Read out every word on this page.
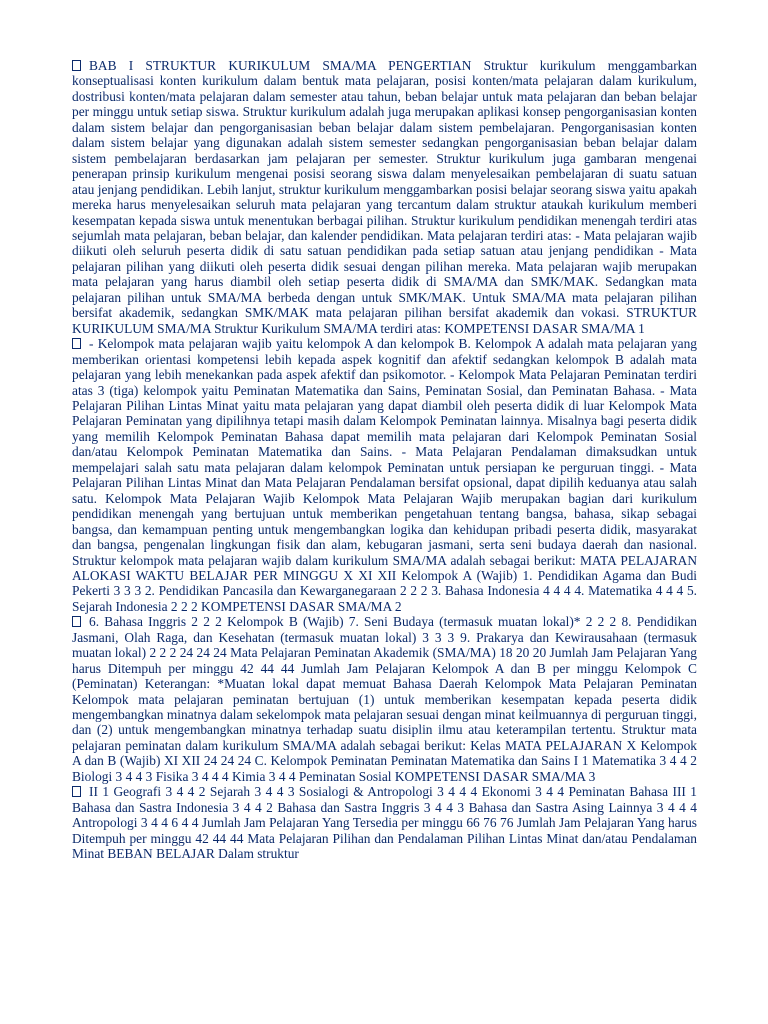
BAB I STRUKTUR KURIKULUM SMA/MA PENGERTIAN Struktur kurikulum menggambarkan konseptualisasi konten kurikulum dalam bentuk mata pelajaran, posisi konten/mata pelajaran dalam kurikulum, dostribusi konten/mata pelajaran dalam semester atau tahun, beban belajar untuk mata pelajaran dan beban belajar per minggu untuk setiap siswa. Struktur kurikulum adalah juga merupakan aplikasi konsep pengorganisasian konten dalam sistem belajar dan pengorganisasian beban belajar dalam sistem pembelajaran. Pengorganisasian konten dalam sistem belajar yang digunakan adalah sistem semester sedangkan pengorganisasian beban belajar dalam sistem pembelajaran berdasarkan jam pelajaran per semester. Struktur kurikulum juga gambaran mengenai penerapan prinsip kurikulum mengenai posisi seorang siswa dalam menyelesaikan pembelajaran di suatu satuan atau jenjang pendidikan. Lebih lanjut, struktur kurikulum menggambarkan posisi belajar seorang siswa yaitu apakah mereka harus menyelesaikan seluruh mata pelajaran yang tercantum dalam struktur ataukah kurikulum memberi kesempatan kepada siswa untuk menentukan berbagai pilihan. Struktur kurikulum pendidikan menengah terdiri atas sejumlah mata pelajaran, beban belajar, dan kalender pendidikan. Mata pelajaran terdiri atas: - Mata pelajaran wajib diikuti oleh seluruh peserta didik di satu satuan pendidikan pada setiap satuan atau jenjang pendidikan - Mata pelajaran pilihan yang diikuti oleh peserta didik sesuai dengan pilihan mereka. Mata pelajaran wajib merupakan mata pelajaran yang harus diambil oleh setiap peserta didik di SMA/MA dan SMK/MAK. Sedangkan mata pelajaran pilihan untuk SMA/MA berbeda dengan untuk SMK/MAK. Untuk SMA/MA mata pelajaran pilihan bersifat akademik, sedangkan SMK/MAK mata pelajaran pilihan bersifat akademik dan vokasi. STRUKTUR KURIKULUM SMA/MA Struktur Kurikulum SMA/MA terdiri atas: KOMPETENSI DASAR SMA/MA 1

- Kelompok mata pelajaran wajib yaitu kelompok A dan kelompok B. Kelompok A adalah mata pelajaran yang memberikan orientasi kompetensi lebih kepada aspek kognitif dan afektif sedangkan kelompok B adalah mata pelajaran yang lebih menekankan pada aspek afektif dan psikomotor. - Kelompok Mata Pelajaran Peminatan terdiri atas 3 (tiga) kelompok yaitu Peminatan Matematika dan Sains, Peminatan Sosial, dan Peminatan Bahasa. - Mata Pelajaran Pilihan Lintas Minat yaitu mata pelajaran yang dapat diambil oleh peserta didik di luar Kelompok Mata Pelajaran Peminatan yang dipilihnya tetapi masih dalam Kelompok Peminatan lainnya. Misalnya bagi peserta didik yang memilih Kelompok Peminatan Bahasa dapat memilih mata pelajaran dari Kelompok Peminatan Sosial dan/atau Kelompok Peminatan Matematika dan Sains. - Mata Pelajaran Pendalaman dimaksudkan untuk mempelajari salah satu mata pelajaran dalam kelompok Peminatan untuk persiapan ke perguruan tinggi. - Mata Pelajaran Pilihan Lintas Minat dan Mata Pelajaran Pendalaman bersifat opsional, dapat dipilih keduanya atau salah satu. Kelompok Mata Pelajaran Wajib Kelompok Mata Pelajaran Wajib merupakan bagian dari kurikulum pendidikan menengah yang bertujuan untuk memberikan pengetahuan tentang bangsa, bahasa, sikap sebagai bangsa, dan kemampuan penting untuk mengembangkan logika dan kehidupan pribadi peserta didik, masyarakat dan bangsa, pengenalan lingkungan fisik dan alam, kebugaran jasmani, serta seni budaya daerah dan nasional. Struktur kelompok mata pelajaran wajib dalam kurikulum SMA/MA adalah sebagai berikut: MATA PELAJARAN ALOKASI WAKTU BELAJAR PER MINGGU X XI XII Kelompok A (Wajib) 1. Pendidikan Agama dan Budi Pekerti 3 3 3 2. Pendidikan Pancasila dan Kewarganegaraan 2 2 2 3. Bahasa Indonesia 4 4 4 4. Matematika 4 4 4 5. Sejarah Indonesia 2 2 2 KOMPETENSI DASAR SMA/MA 2

6. Bahasa Inggris 2 2 2 Kelompok B (Wajib) 7. Seni Budaya (termasuk muatan lokal)* 2 2 2 8. Pendidikan Jasmani, Olah Raga, dan Kesehatan (termasuk muatan lokal) 3 3 3 9. Prakarya dan Kewirausahaan (termasuk muatan lokal) 2 2 2 24 24 24 Mata Pelajaran Peminatan Akademik (SMA/MA) 18 20 20 Jumlah Jam Pelajaran Yang harus Ditempuh per minggu 42 44 44 Jumlah Jam Pelajaran Kelompok A dan B per minggu Kelompok C (Peminatan) Keterangan: *Muatan lokal dapat memuat Bahasa Daerah Kelompok Mata Pelajaran Peminatan Kelompok mata pelajaran peminatan bertujuan (1) untuk memberikan kesempatan kepada peserta didik mengembangkan minatnya dalam sekelompok mata pelajaran sesuai dengan minat keilmuannya di perguruan tinggi, dan (2) untuk mengembangkan minatnya terhadap suatu disiplin ilmu atau keterampilan tertentu. Struktur mata pelajaran peminatan dalam kurikulum SMA/MA adalah sebagai berikut: Kelas MATA PELAJARAN X Kelompok A dan B (Wajib) XI XII 24 24 24 C. Kelompok Peminatan Peminatan Matematika dan Sains I 1 Matematika 3 4 4 2 Biologi 3 4 4 3 Fisika 3 4 4 4 Kimia 3 4 4 Peminatan Sosial KOMPETENSI DASAR SMA/MA 3

II 1 Geografi 3 4 4 2 Sejarah 3 4 4 3 Sosialogi & Antropologi 3 4 4 4 Ekonomi 3 4 4 Peminatan Bahasa III 1 Bahasa dan Sastra Indonesia 3 4 4 2 Bahasa dan Sastra Inggris 3 4 4 3 Bahasa dan Sastra Asing Lainnya 3 4 4 4 Antropologi 3 4 4 6 4 4 Jumlah Jam Pelajaran Yang Tersedia per minggu 66 76 76 Jumlah Jam Pelajaran Yang harus Ditempuh per minggu 42 44 44 Mata Pelajaran Pilihan dan Pendalaman Pilihan Lintas Minat dan/atau Pendalaman Minat BEBAN BELAJAR Dalam struktur
